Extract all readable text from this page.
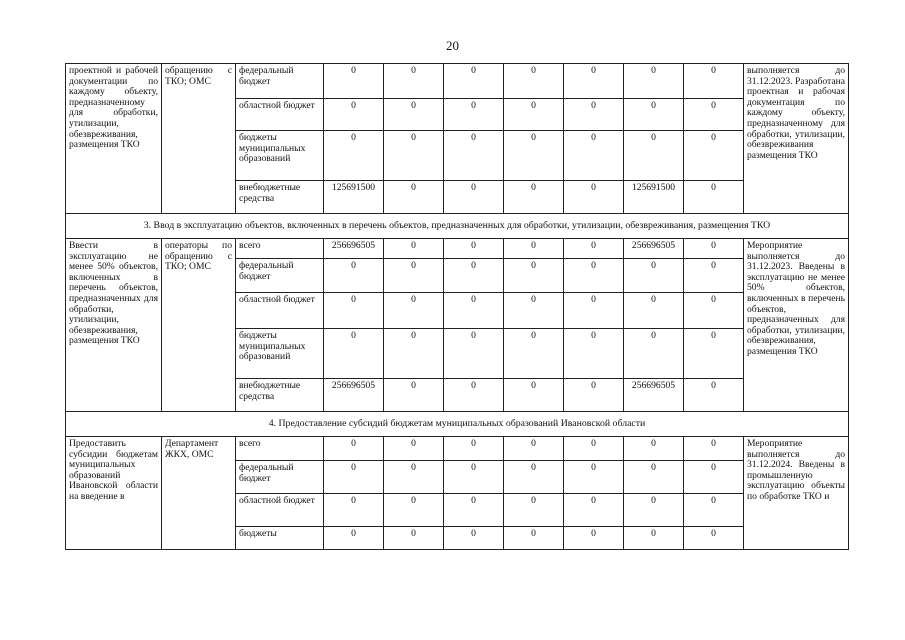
20
проектной и рабочей документации по каждому объекту, предназначенному для обработки, утилизации, обезвреживания, размещения ТКО	обращению с ТКО; ОМС	федеральный бюджет	0	0	0	0	0	0	0	выполняется до 31.12.2023. Разработана проектная и рабочая документация по каждому объекту, предназначенному для обработки, утилизации, обезвреживания размещения ТКО
		областной бюджет	0	0	0	0	0	0	0	
		бюджеты муниципальных образований	0	0	0	0	0	0	0	
		внебюджетные средства	125691500	0	0	0	0	125691500	0	
3. Ввод в эксплуатацию объектов, включенных в перечень объектов, предназначенных для обработки, утилизации, обезвреживания, размещения ТКО										
Ввести в эксплуатацию не менее 50% объектов, включенных в перечень объектов, предназначенных для обработки, утилизации, обезвреживания, размещения ТКО	операторы по обращению с ТКО; ОМС	всего	256696505	0	0	0	0	256696505	0	Мероприятие выполняется до 31.12.2023. Введены в эксплуатацию не менее 50% объектов, включенных в перечень объектов, предназначенных для обработки, утилизации, обезвреживания, размещения ТКО
		федеральный бюджет	0	0	0	0	0	0	0	
		областной бюджет	0	0	0	0	0	0	0	
		бюджеты муниципальных образований	0	0	0	0	0	0	0	
		внебюджетные средства	256696505	0	0	0	0	256696505	0	
4. Предоставление субсидий бюджетам муниципальных образований Ивановской области										
Предоставить субсидии бюджетам муниципальных образований Ивановской области на введение в	Департамент ЖКХ, ОМС	всего	0	0	0	0	0	0	0	Мероприятие выполняется до 31.12.2024. Введены в промышленную эксплуатацию объекты по обработке ТКО и
		федеральный бюджет	0	0	0	0	0	0	0	
		областной бюджет	0	0	0	0	0	0	0	
		бюджеты	0	0	0	0	0	0	0	
